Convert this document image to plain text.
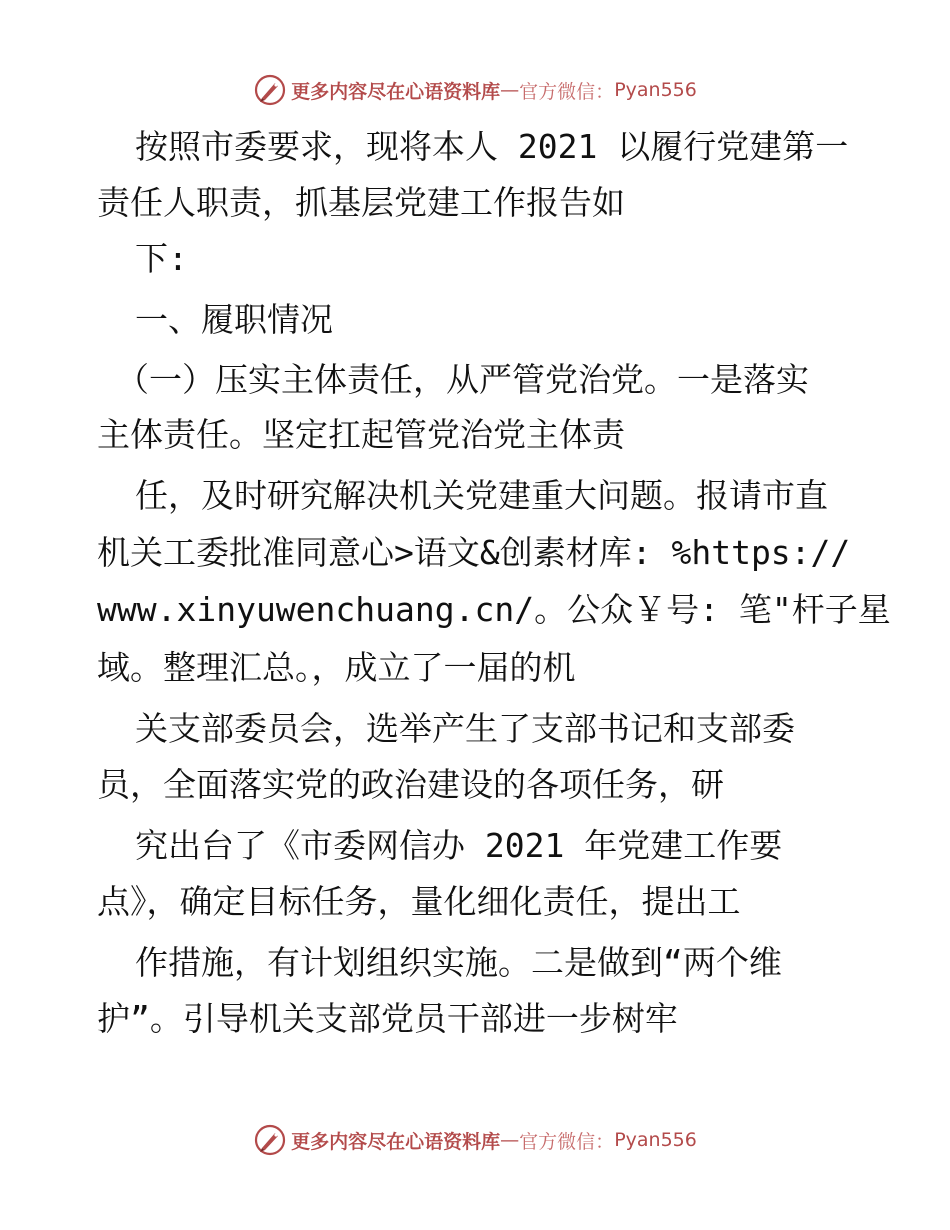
更多内容尽在心语资料库 — 官方微信： Pyan556
按照市委要求，现将本人 2021 以履行党建第一
责任人职责，抓基层党建工作报告如
下:
一、履职情况
（一）压实主体责任，从严管党治党。一是落实
主体责任。坚定扛起管党治党主体责
任，及时研究解决机关党建重大问题。报请市直
机关工委批准同意心>语文&创素材库: %https://
www.xinyuwenchuang.cn/。公众￥号: 笔"杆子星
域。整理汇总。，成立了一届的机
关支部委员会，选举产生了支部书记和支部委
员，全面落实党的政治建设的各项任务，研
究出台了《市委网信办 2021 年党建工作要
点》，确定目标任务，量化细化责任，提出工
作措施，有计划组织实施。二是做到“两个维
护”。引导机关支部党员干部进一步树牢
更多内容尽在心语资料库 — 官方微信： Pyan556
